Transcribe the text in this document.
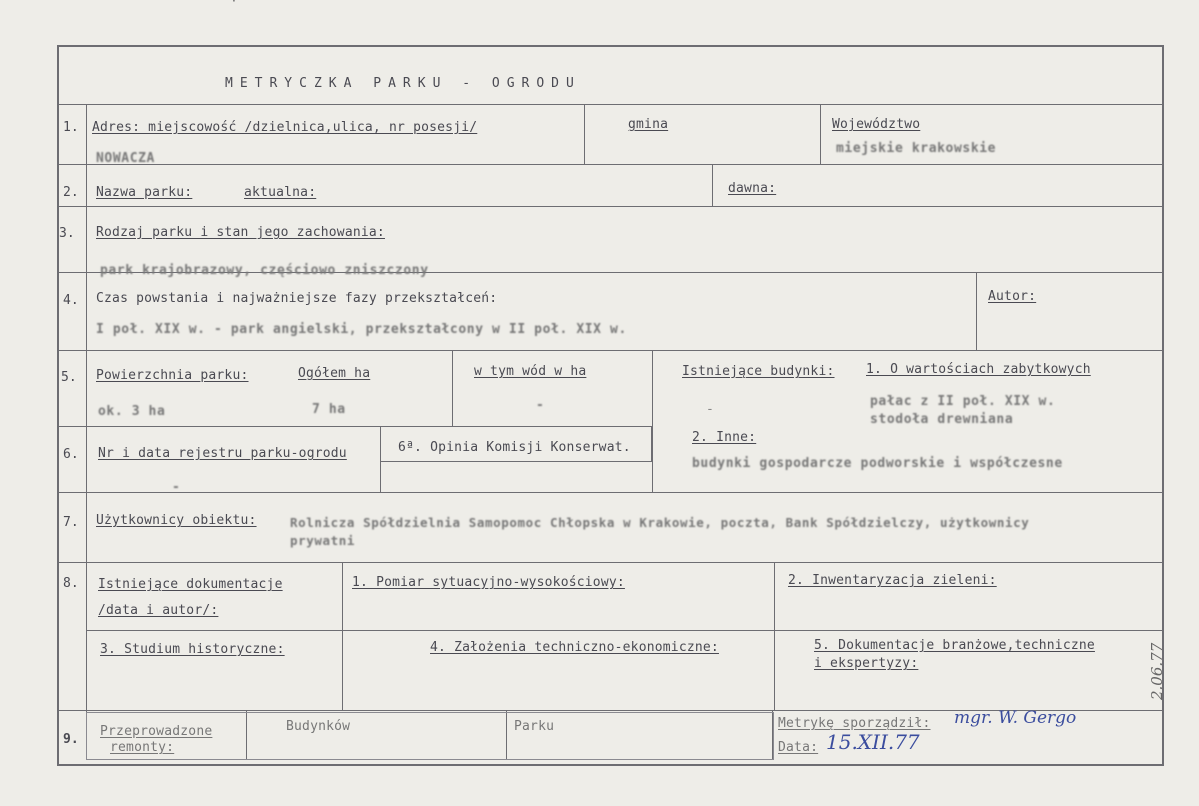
·
METRYCZKA PARKU - OGRODU
1. Adres: miejscowość /dzielnica,ulica, nr posesji/
NOWACZA
gmina	Województwo
miejskie krakowskie
2. Nazwa parku:	aktualna:	dawna:
3. Rodzaj parku i stan jego zachowania:
park krajobrazowy, częściowo zniszczony
4. Czas powstania i najważniejsze fazy przekształceń:
I poł. XIX w. - park angielski, przekształcony w II poł. XIX w.
Autor:
5. Powierzchnia parku:
ok. 3 ha
Ogółem ha
7 ha
w tym wód w ha
-
Istniejące budynki: 1. O wartościach zabytkowych
-
pałac z II poł. XIX w.
stodoła drewniana
6. Nr i data rejestru parku-ogrodu
-
6ª. Opinia Komisji Konserwat.
2. Inne:
budynki gospodarcze podworskie i współczesne
7. Użytkownicy obiektu:	Rolnicza Spółdzielnia Samopomoc Chłopska w Krakowie, poczta, Bank Spółdzielczy, użytkownicy
prywatni
8. Istniejące dokumentacje
/data i autor/:
1. Pomiar sytuacyjno-wysokościowy:	2. Inwentaryzacja zieleni:
3. Studium historyczne:	4. Założenia techniczno-ekonomiczne:	5. Dokumentacje branżowe,techniczne
i ekspertyzy:
9.
Przeprowadzone
remonty:
Budynków	Parku	Metrykę sporządził: mgr. W. Gergo
Data: 15.XII.77
2.06.77
